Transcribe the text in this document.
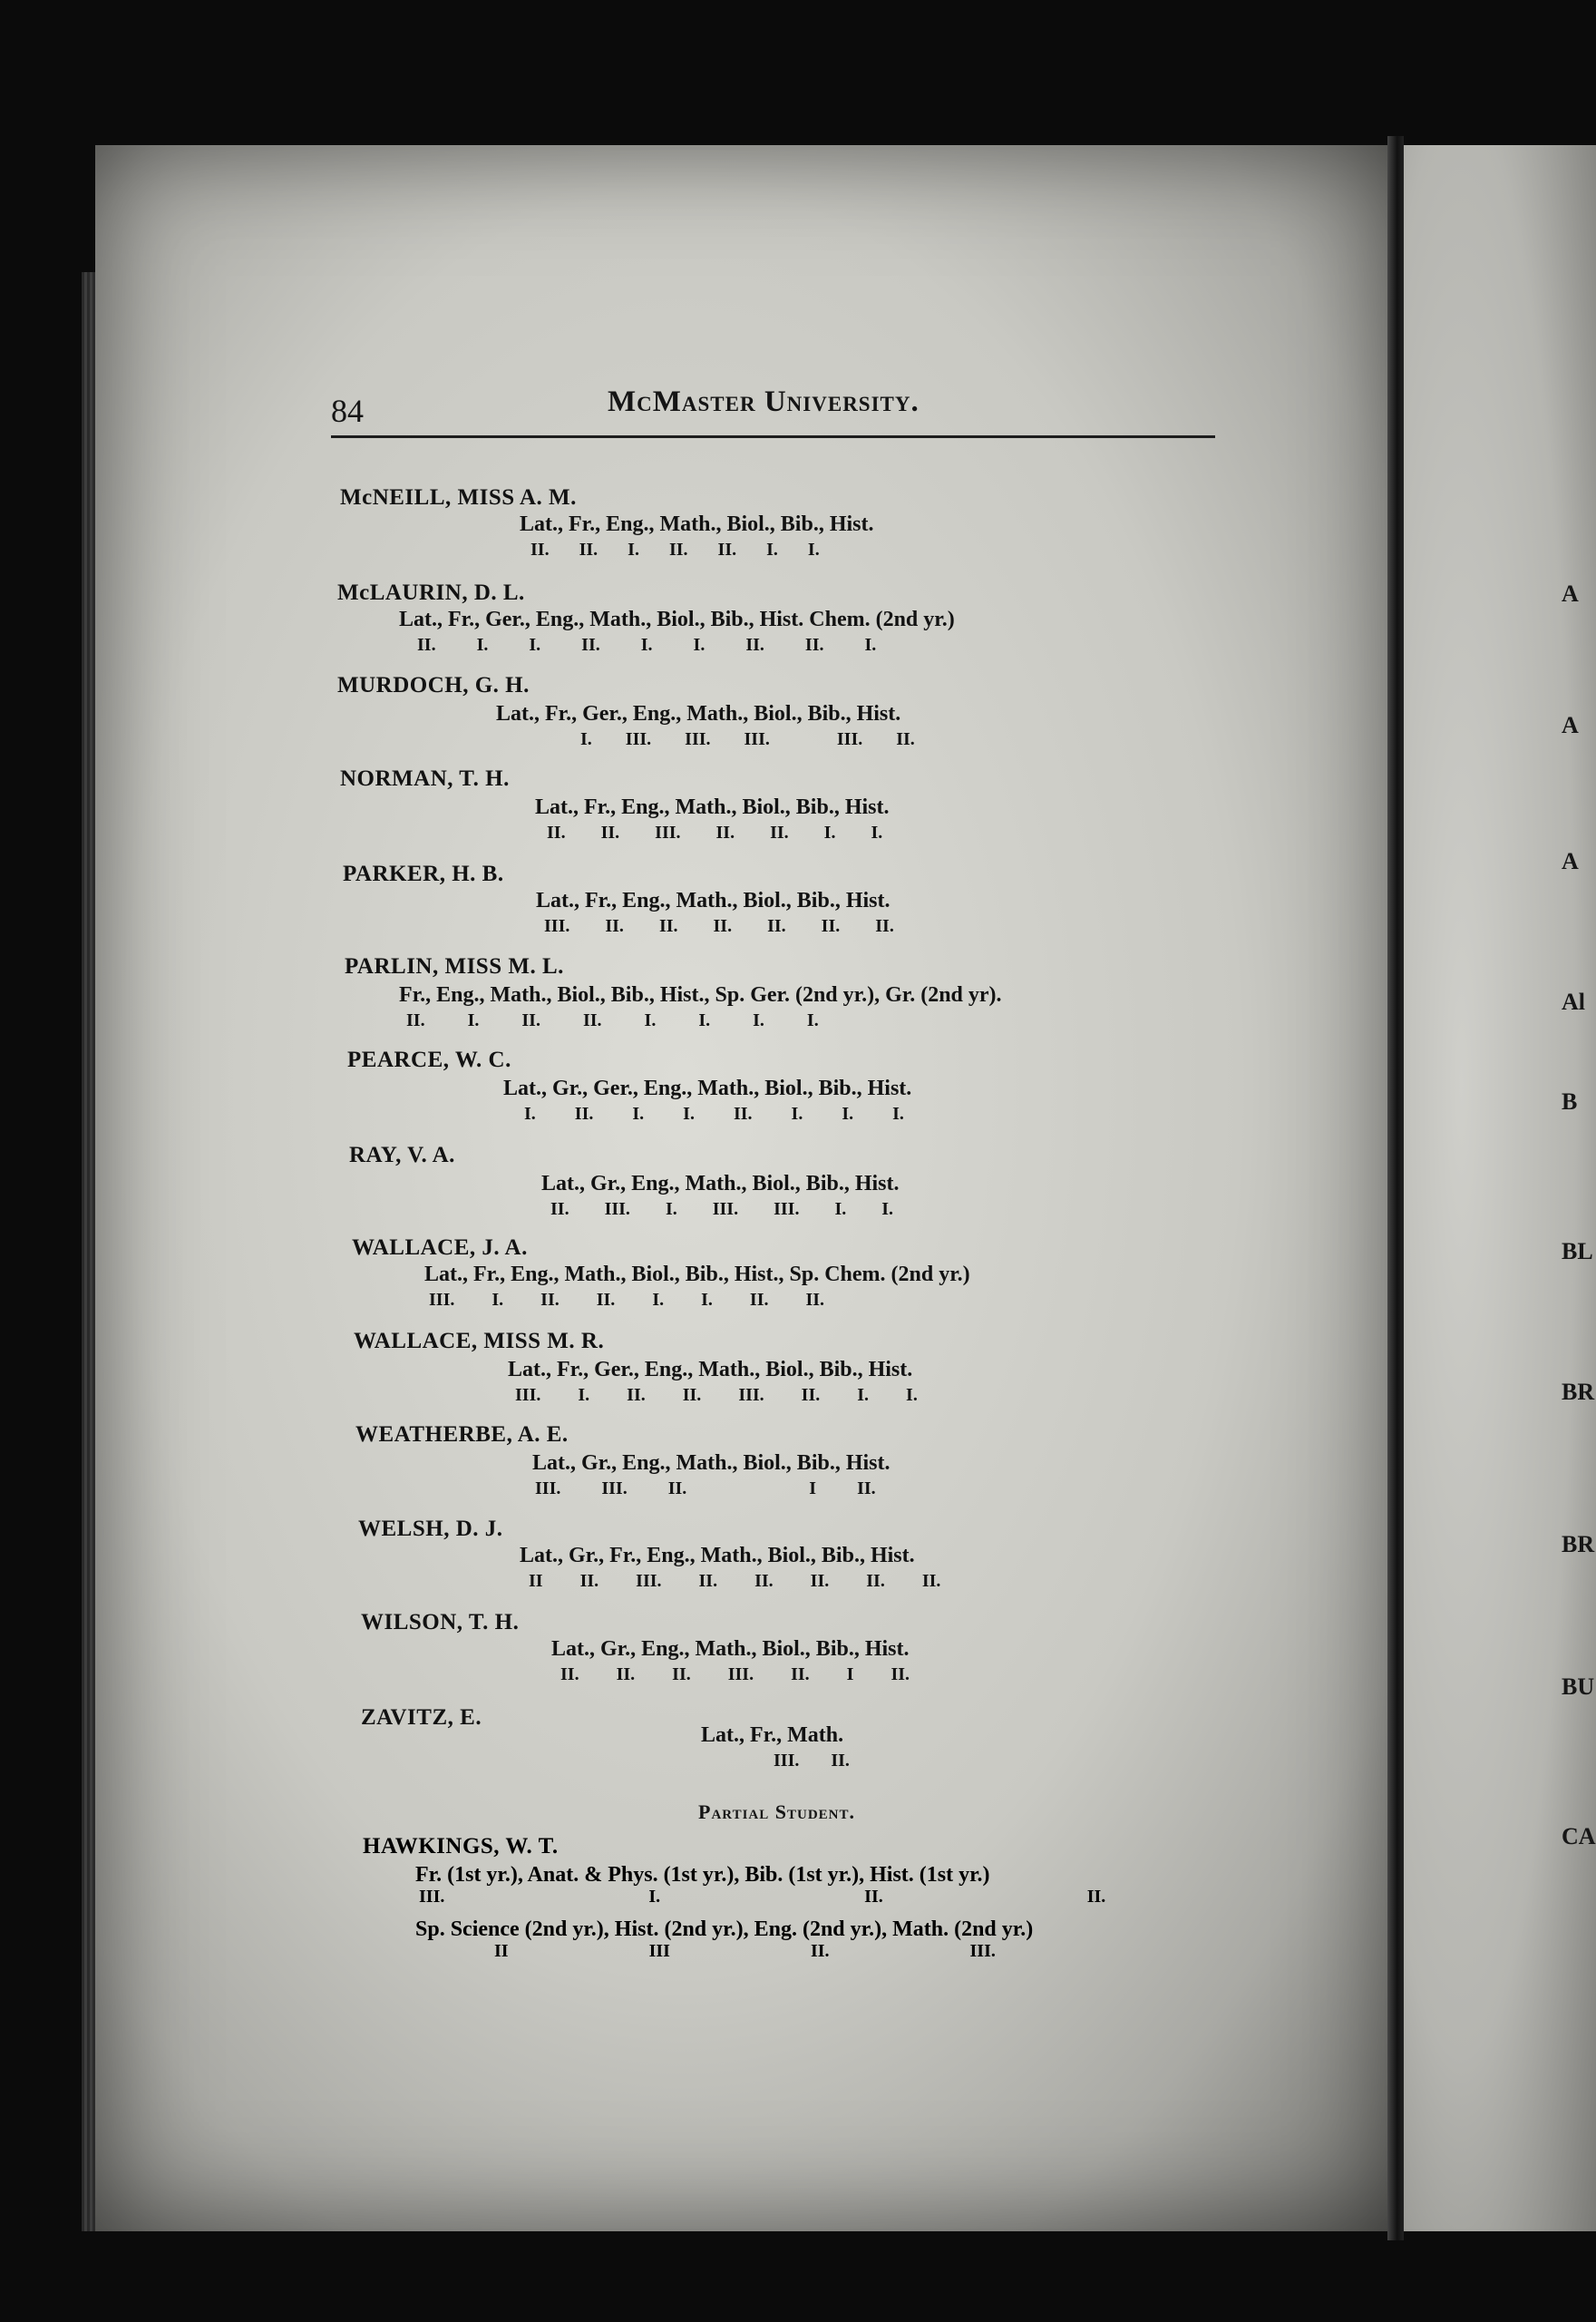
84	McMaster University.
McNEILL, MISS A. M.
Lat., Fr., Eng., Math., Biol., Bib., Hist.
II. II. I. II. II. I. I.
McLAURIN, D. L.
Lat., Fr., Ger., Eng., Math., Biol., Bib., Hist. Chem. (2nd yr.)
II. I. I. II. I. I. II. II. I.
MURDOCH, G. H.
Lat., Fr., Ger., Eng., Math., Biol., Bib., Hist.
I. III. III. III.	III. II.
NORMAN, T. H.
Lat., Fr., Eng., Math., Biol., Bib., Hist.
II. II. III. II. II. I. I.
PARKER, H. B.
Lat., Fr., Eng., Math., Biol., Bib., Hist.
III. II. II. II. II. II. II.
PARLIN, MISS M. L.
Fr., Eng., Math., Biol., Bib., Hist., Sp. Ger. (2nd yr.), Gr. (2nd yr).
II. I. II. II. I. I. I. I.
PEARCE, W. C.
Lat., Gr., Ger., Eng., Math., Biol., Bib., Hist.
I. II. I. I. II. I. I. I.
RAY, V. A.
Lat., Gr., Eng., Math., Biol., Bib., Hist.
II. III. I. III. III. I. I.
WALLACE, J. A.
Lat., Fr., Eng., Math., Biol., Bib., Hist., Sp. Chem. (2nd yr.)
III. I. II. II. I. I. II. II.
WALLACE, MISS M. R.
Lat., Fr., Ger., Eng., Math., Biol., Bib., Hist.
III. I. II. II. III. II. I. I.
WEATHERBE, A. E.
Lat., Gr., Eng., Math., Biol., Bib., Hist.
III. III. II.	I II.
WELSH, D. J.
Lat., Gr., Fr., Eng., Math., Biol., Bib., Hist.
II II. III. II. II. II. II. II.
WILSON, T. H.
Lat., Gr., Eng., Math., Biol., Bib., Hist.
II. II. II. III. II. I II.
ZAVITZ, E.
Lat., Fr., Math.
III. II.
Partial Student.
HAWKINGS, W. T.
Fr. (1st yr.), Anat. & Phys. (1st yr.), Bib. (1st yr.), Hist. (1st yr.)
III.	I.	II.	II.
Sp. Science (2nd yr.), Hist. (2nd yr.), Eng. (2nd yr.), Math. (2nd yr.)
II	III	II.	III.
A
A
A
Al
B
BL
BR
BR
BU
CA
